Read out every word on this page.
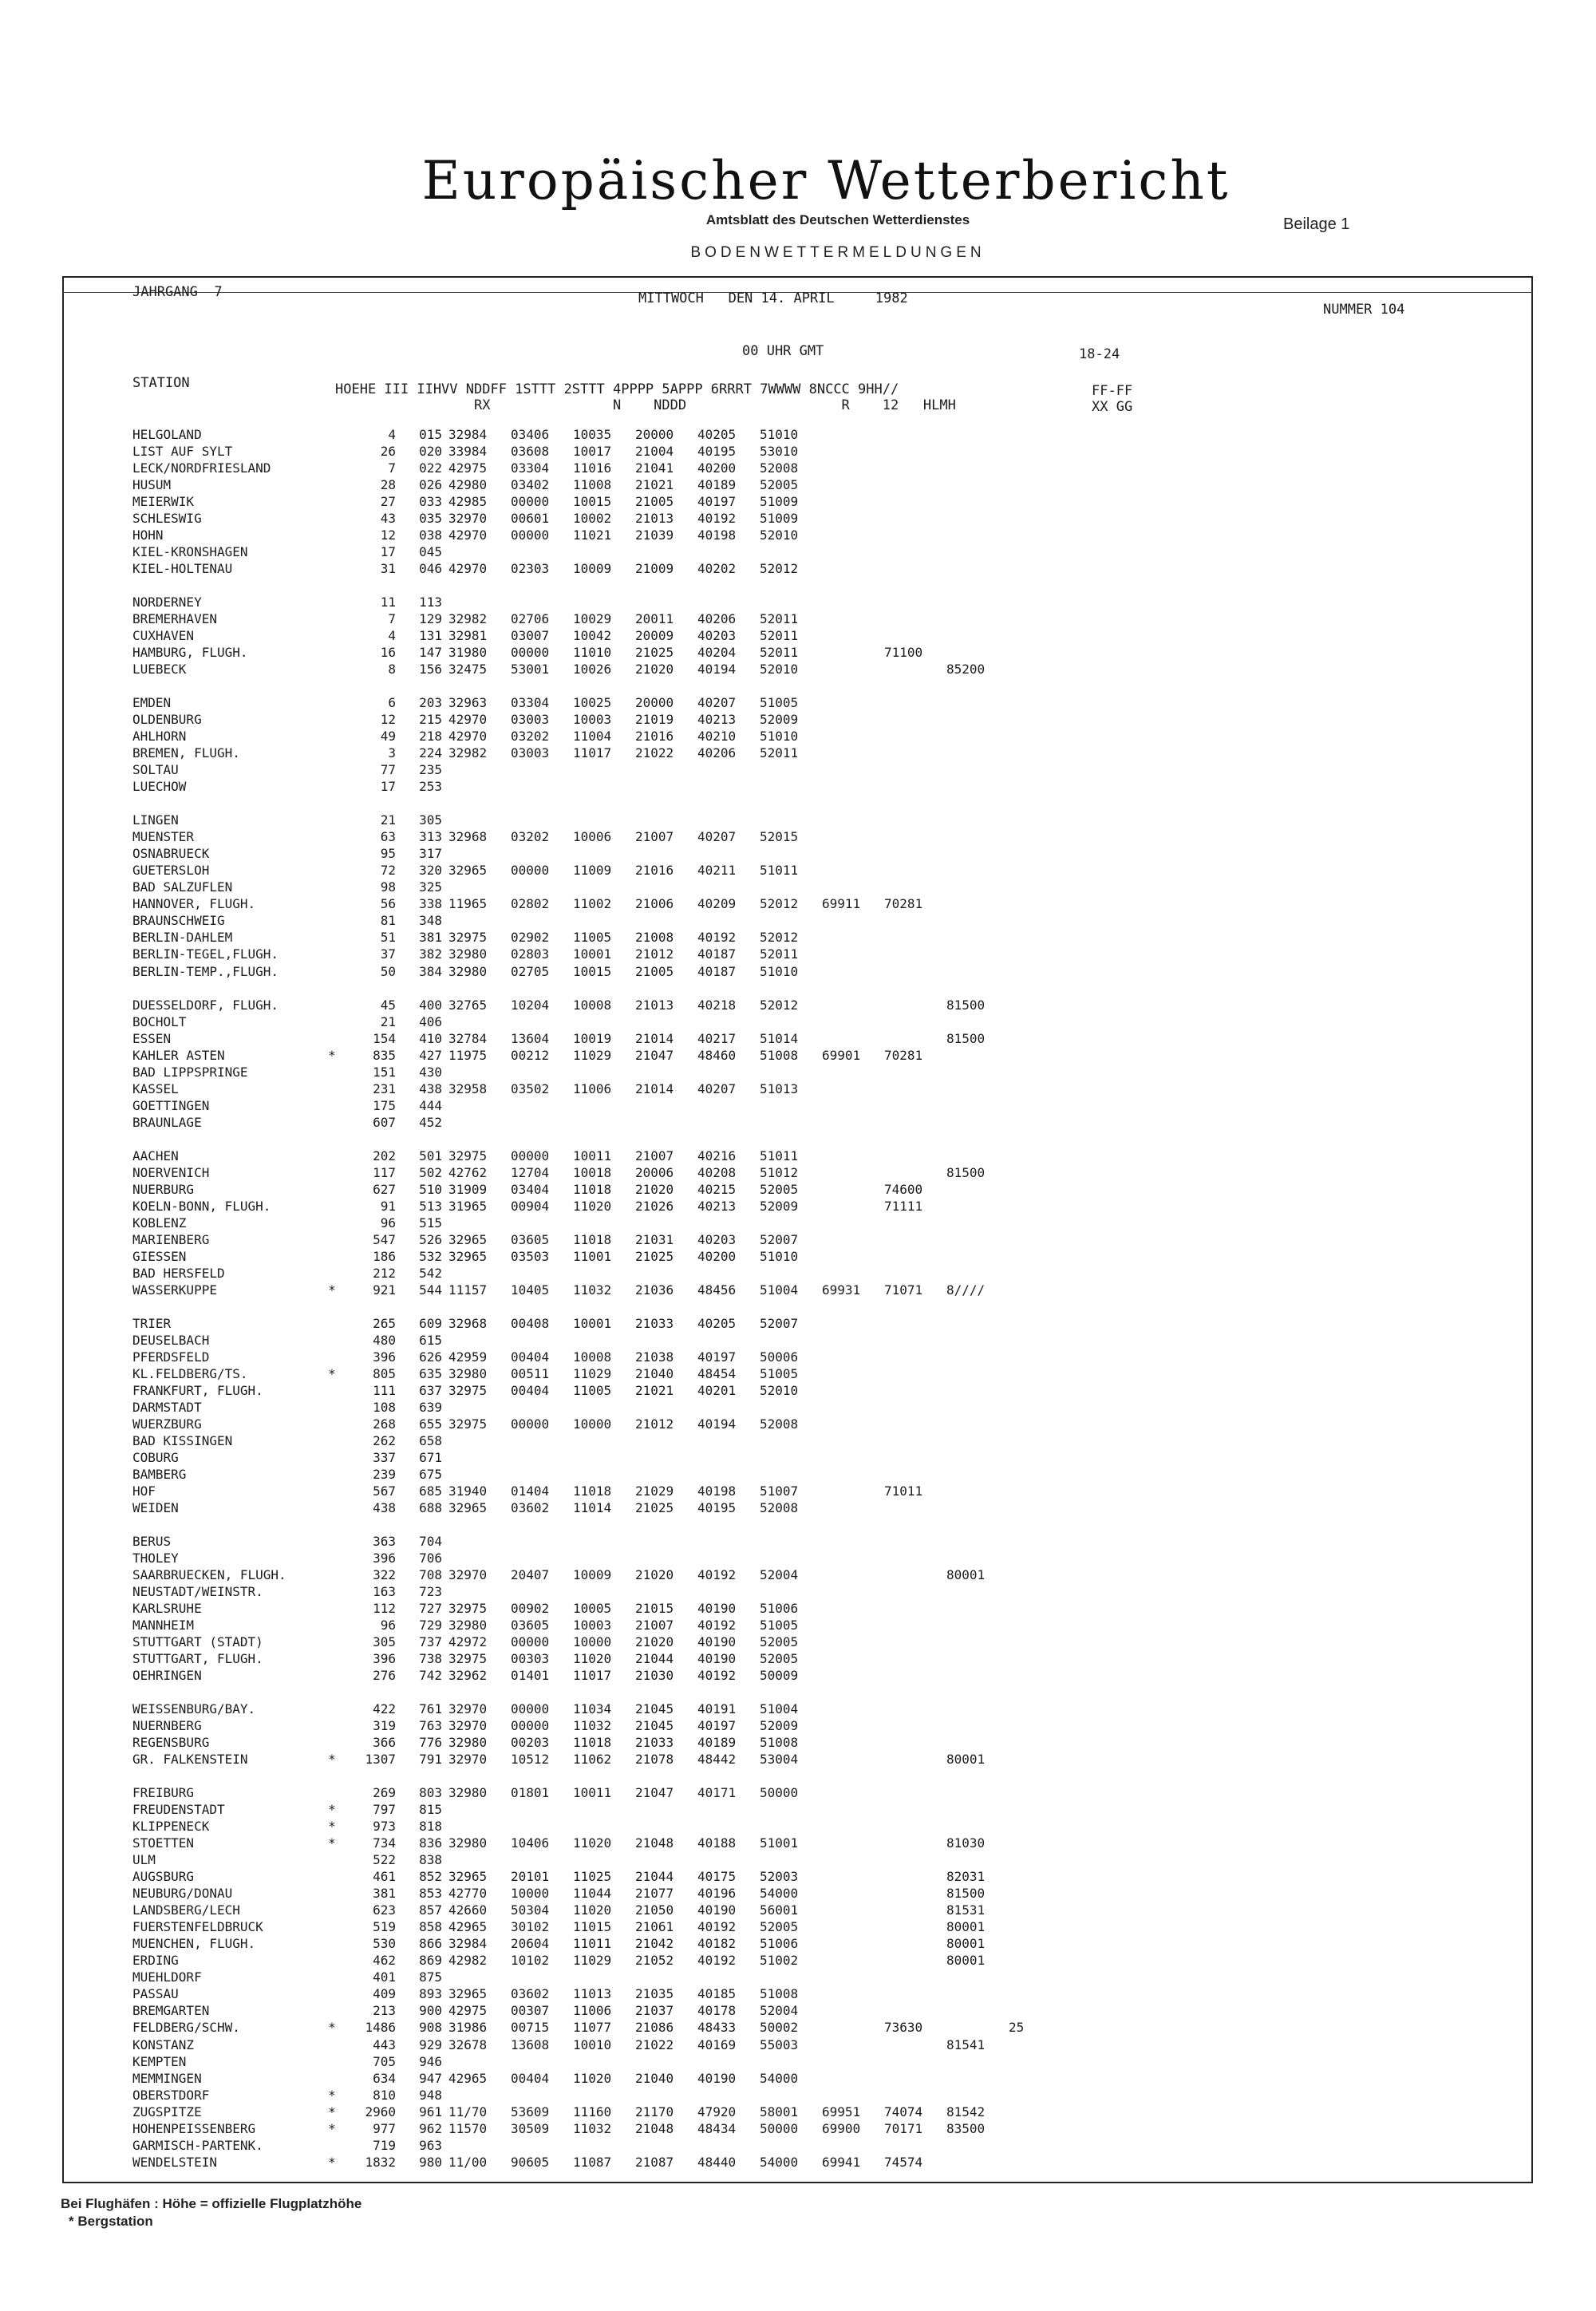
Europäischer Wetterbericht
Amtsblatt des Deutschen Wetterdienstes	Beilage 1
BODENWETTERMELDUNGEN
JAHRGANG  7	MITTWOCH   DEN 14. APRIL     1982
NUMMER 104
00 UHR GMT	18-24
STATION	HOEHE III IIHVV NDDFF 1STTT 2STTT 4PPPP 5APPP 6RRRT 7WWWW 8NCCC 9HH//
RX               N    NDDD                   R    12   HLMH
FF-FF
XX GG
HELGOLAND		4	015	32984	03406	10035	20000	40205	51010				
LIST AUF SYLT		26	020	33984	03608	10017	21004	40195	53010				
LECK/NORDFRIESLAND		7	022	42975	03304	11016	21041	40200	52008				
HUSUM		28	026	42980	03402	11008	21021	40189	52005				
MEIERWIK		27	033	42985	00000	10015	21005	40197	51009				
SCHLESWIG		43	035	32970	00601	10002	21013	40192	51009				
HOHN		12	038	42970	00000	11021	21039	40198	52010				
KIEL-KRONSHAGEN		17	045										
KIEL-HOLTENAU		31	046	42970	02303	10009	21009	40202	52012				

NORDERNEY		11	113										
BREMERHAVEN		7	129	32982	02706	10029	20011	40206	52011				
CUXHAVEN		4	131	32981	03007	10042	20009	40203	52011				
HAMBURG, FLUGH.		16	147	31980	00000	11010	21025	40204	52011		71100		
LUEBECK		8	156	32475	53001	10026	21020	40194	52010			85200	

EMDEN		6	203	32963	03304	10025	20000	40207	51005				
OLDENBURG		12	215	42970	03003	10003	21019	40213	52009				
AHLHORN		49	218	42970	03202	11004	21016	40210	51010				
BREMEN, FLUGH.		3	224	32982	03003	11017	21022	40206	52011				
SOLTAU		77	235										
LUECHOW		17	253										

LINGEN		21	305										
MUENSTER		63	313	32968	03202	10006	21007	40207	52015				
OSNABRUECK		95	317										
GUETERSLOH		72	320	32965	00000	11009	21016	40211	51011				
BAD SALZUFLEN		98	325										
HANNOVER, FLUGH.		56	338	11965	02802	11002	21006	40209	52012	69911	70281		
BRAUNSCHWEIG		81	348										
BERLIN-DAHLEM		51	381	32975	02902	11005	21008	40192	52012				
BERLIN-TEGEL,FLUGH.		37	382	32980	02803	10001	21012	40187	52011				
BERLIN-TEMP.,FLUGH.		50	384	32980	02705	10015	21005	40187	51010				

DUESSELDORF, FLUGH.		45	400	32765	10204	10008	21013	40218	52012			81500	
BOCHOLT		21	406										
ESSEN		154	410	32784	13604	10019	21014	40217	51014			81500	
KAHLER ASTEN	*	835	427	11975	00212	11029	21047	48460	51008	69901	70281		
BAD LIPPSPRINGE		151	430										
KASSEL		231	438	32958	03502	11006	21014	40207	51013				
GOETTINGEN		175	444										
BRAUNLAGE		607	452										

AACHEN		202	501	32975	00000	10011	21007	40216	51011				
NOERVENICH		117	502	42762	12704	10018	20006	40208	51012			81500	
NUERBURG		627	510	31909	03404	11018	21020	40215	52005		74600		
KOELN-BONN, FLUGH.		91	513	31965	00904	11020	21026	40213	52009		71111		
KOBLENZ		96	515										
MARIENBERG		547	526	32965	03605	11018	21031	40203	52007				
GIESSEN		186	532	32965	03503	11001	21025	40200	51010				
BAD HERSFELD		212	542										
WASSERKUPPE	*	921	544	11157	10405	11032	21036	48456	51004	69931	71071	8////	

TRIER		265	609	32968	00408	10001	21033	40205	52007				
DEUSELBACH		480	615										
PFERDSFELD		396	626	42959	00404	10008	21038	40197	50006				
KL.FELDBERG/TS.	*	805	635	32980	00511	11029	21040	48454	51005				
FRANKFURT, FLUGH.		111	637	32975	00404	11005	21021	40201	52010				
DARMSTADT		108	639										
WUERZBURG		268	655	32975	00000	10000	21012	40194	52008				
BAD KISSINGEN		262	658										
COBURG		337	671										
BAMBERG		239	675										
HOF		567	685	31940	01404	11018	21029	40198	51007		71011		
WEIDEN		438	688	32965	03602	11014	21025	40195	52008				

BERUS		363	704										
THOLEY		396	706										
SAARBRUECKEN, FLUGH.		322	708	32970	20407	10009	21020	40192	52004			80001	
NEUSTADT/WEINSTR.		163	723										
KARLSRUHE		112	727	32975	00902	10005	21015	40190	51006				
MANNHEIM		96	729	32980	03605	10003	21007	40192	51005				
STUTTGART (STADT)		305	737	42972	00000	10000	21020	40190	52005				
STUTTGART, FLUGH.		396	738	32975	00303	11020	21044	40190	52005				
OEHRINGEN		276	742	32962	01401	11017	21030	40192	50009				

WEISSENBURG/BAY.		422	761	32970	00000	11034	21045	40191	51004				
NUERNBERG		319	763	32970	00000	11032	21045	40197	52009				
REGENSBURG		366	776	32980	00203	11018	21033	40189	51008				
GR. FALKENSTEIN	*	1307	791	32970	10512	11062	21078	48442	53004			80001	

FREIBURG		269	803	32980	01801	10011	21047	40171	50000				
FREUDENSTADT	*	797	815										
KLIPPENECK	*	973	818										
STOETTEN	*	734	836	32980	10406	11020	21048	40188	51001			81030	
ULM		522	838										
AUGSBURG		461	852	32965	20101	11025	21044	40175	52003			82031	
NEUBURG/DONAU		381	853	42770	10000	11044	21077	40196	54000			81500	
LANDSBERG/LECH		623	857	42660	50304	11020	21050	40190	56001			81531	
FUERSTENFELDBRUCK		519	858	42965	30102	11015	21061	40192	52005			80001	
MUENCHEN, FLUGH.		530	866	32984	20604	11011	21042	40182	51006			80001	
ERDING		462	869	42982	10102	11029	21052	40192	51002			80001	
MUEHLDORF		401	875										
PASSAU		409	893	32965	03602	11013	21035	40185	51008				
BREMGARTEN		213	900	42975	00307	11006	21037	40178	52004				
FELDBERG/SCHW.	*	1486	908	31986	00715	11077	21086	48433	50002		73630		25
KONSTANZ		443	929	32678	13608	10010	21022	40169	55003			81541	
KEMPTEN		705	946										
MEMMINGEN		634	947	42965	00404	11020	21040	40190	54000				
OBERSTDORF	*	810	948										
ZUGSPITZE	*	2960	961	11/70	53609	11160	21170	47920	58001	69951	74074	81542	
HOHENPEISSENBERG	*	977	962	11570	30509	11032	21048	48434	50000	69900	70171	83500	
GARMISCH-PARTENK.		719	963										
WENDELSTEIN	*	1832	980	11/00	90605	11087	21087	48440	54000	69941	74574		
Bei Flughäfen : Höhe = offizielle Flugplatzhöhe
* Bergstation
